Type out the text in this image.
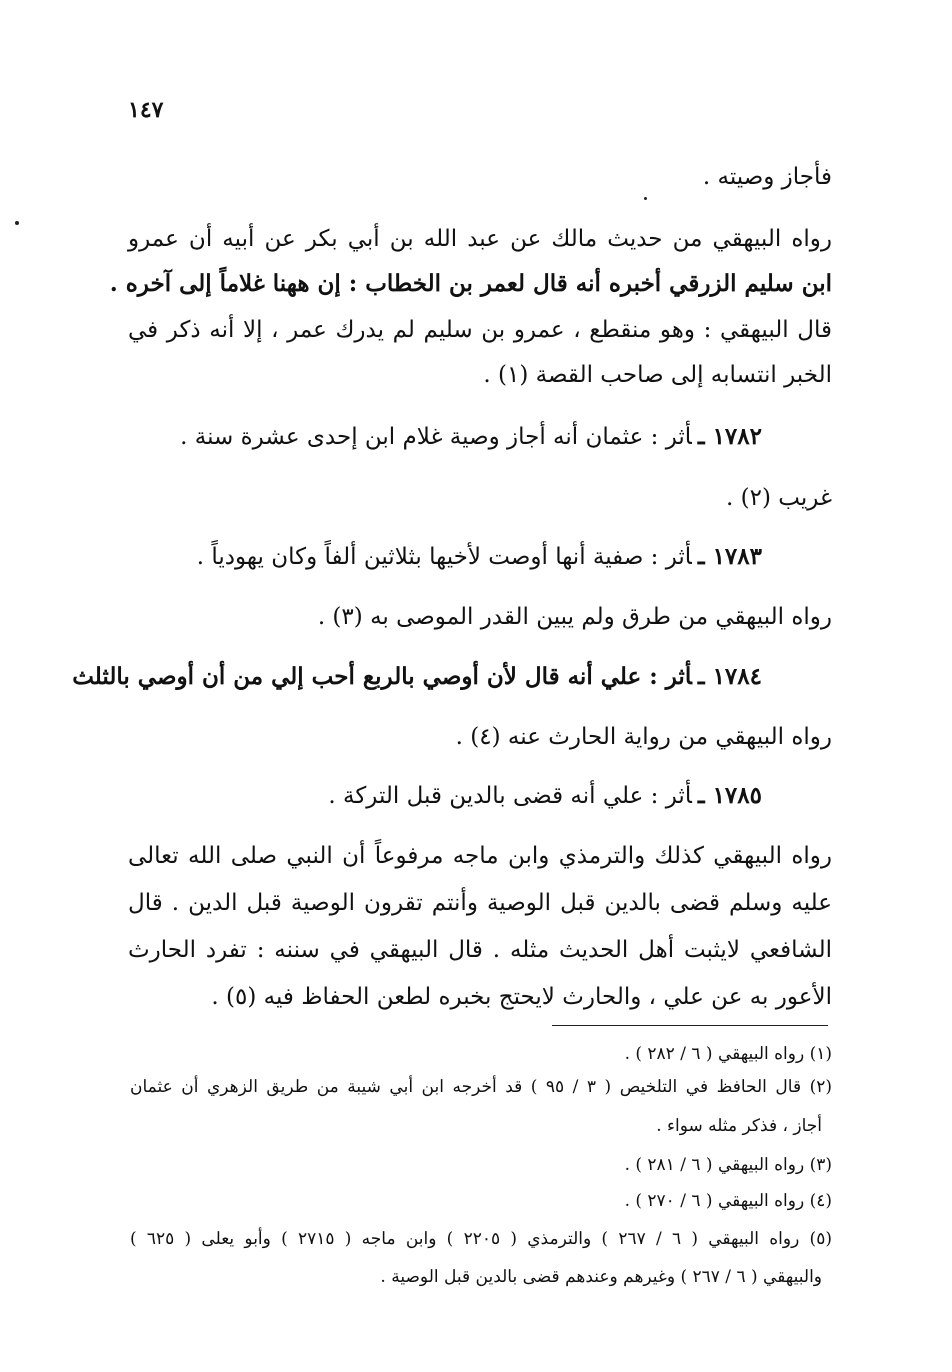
١٤٧
فأجاز وصيته .
رواه البيهقي من حديث مالك عن عبد الله بن أبي بكر عن أبيه أن عمرو
ابن سليم الزرقي أخبره أنه قال لعمر بن الخطاب : إن ههنا غلاماً إلى آخره .
قال البيهقي : وهو منقطع ، عمرو بن سليم لم يدرك عمر ، إلا أنه ذكر في
الخبر انتسابه إلى صاحب القصة (١) .
١٧٨٢ ـأثر : عثمان أنه أجاز وصية غلام ابن إحدى عشرة سنة .
غريب (٢) .
١٧٨٣ ـأثر : صفية أنها أوصت لأخيها بثلاثين ألفاً وكان يهودياً .
رواه البيهقي من طرق ولم يبين القدر الموصى به (٣) .
١٧٨٤ ـأثر : علي أنه قال لأن أوصي بالربع أحب إلي من أن أوصي بالثلث
رواه البيهقي من رواية الحارث عنه (٤) .
١٧٨٥ ـأثر : علي أنه قضى بالدين قبل التركة .
رواه البيهقي كذلك والترمذي وابن ماجه مرفوعاً أن النبي صلى الله تعالى
عليه وسلم قضى بالدين قبل الوصية وأنتم تقرون الوصية قبل الدين . قال
الشافعي لايثبت أهل الحديث مثله . قال البيهقي في سننه : تفرد الحارث
الأعور به عن علي ، والحارث لايحتج بخبره لطعن الحفاظ فيه (٥) .
(١) رواه البيهقي ( ٦ / ٢٨٢ ) .
(٢) قال الحافظ في التلخيص ( ٣ / ٩٥ ) قد أخرجه ابن أبي شيبة من طريق الزهري أن عثمان
أجاز ، فذكر مثله سواء .
(٣) رواه البيهقي ( ٦ / ٢٨١ ) .
(٤) رواه البيهقي ( ٦ / ٢٧٠ ) .
(٥) رواه البيهقي ( ٦ / ٢٦٧ ) والترمذي ( ٢٢٠٥ ) وابن ماجه ( ٢٧١٥ ) وأبو يعلى ( ٦٢٥ )
والبيهقي ( ٦ / ٢٦٧ ) وغيرهم وعندهم قضى بالدين قبل الوصية .
